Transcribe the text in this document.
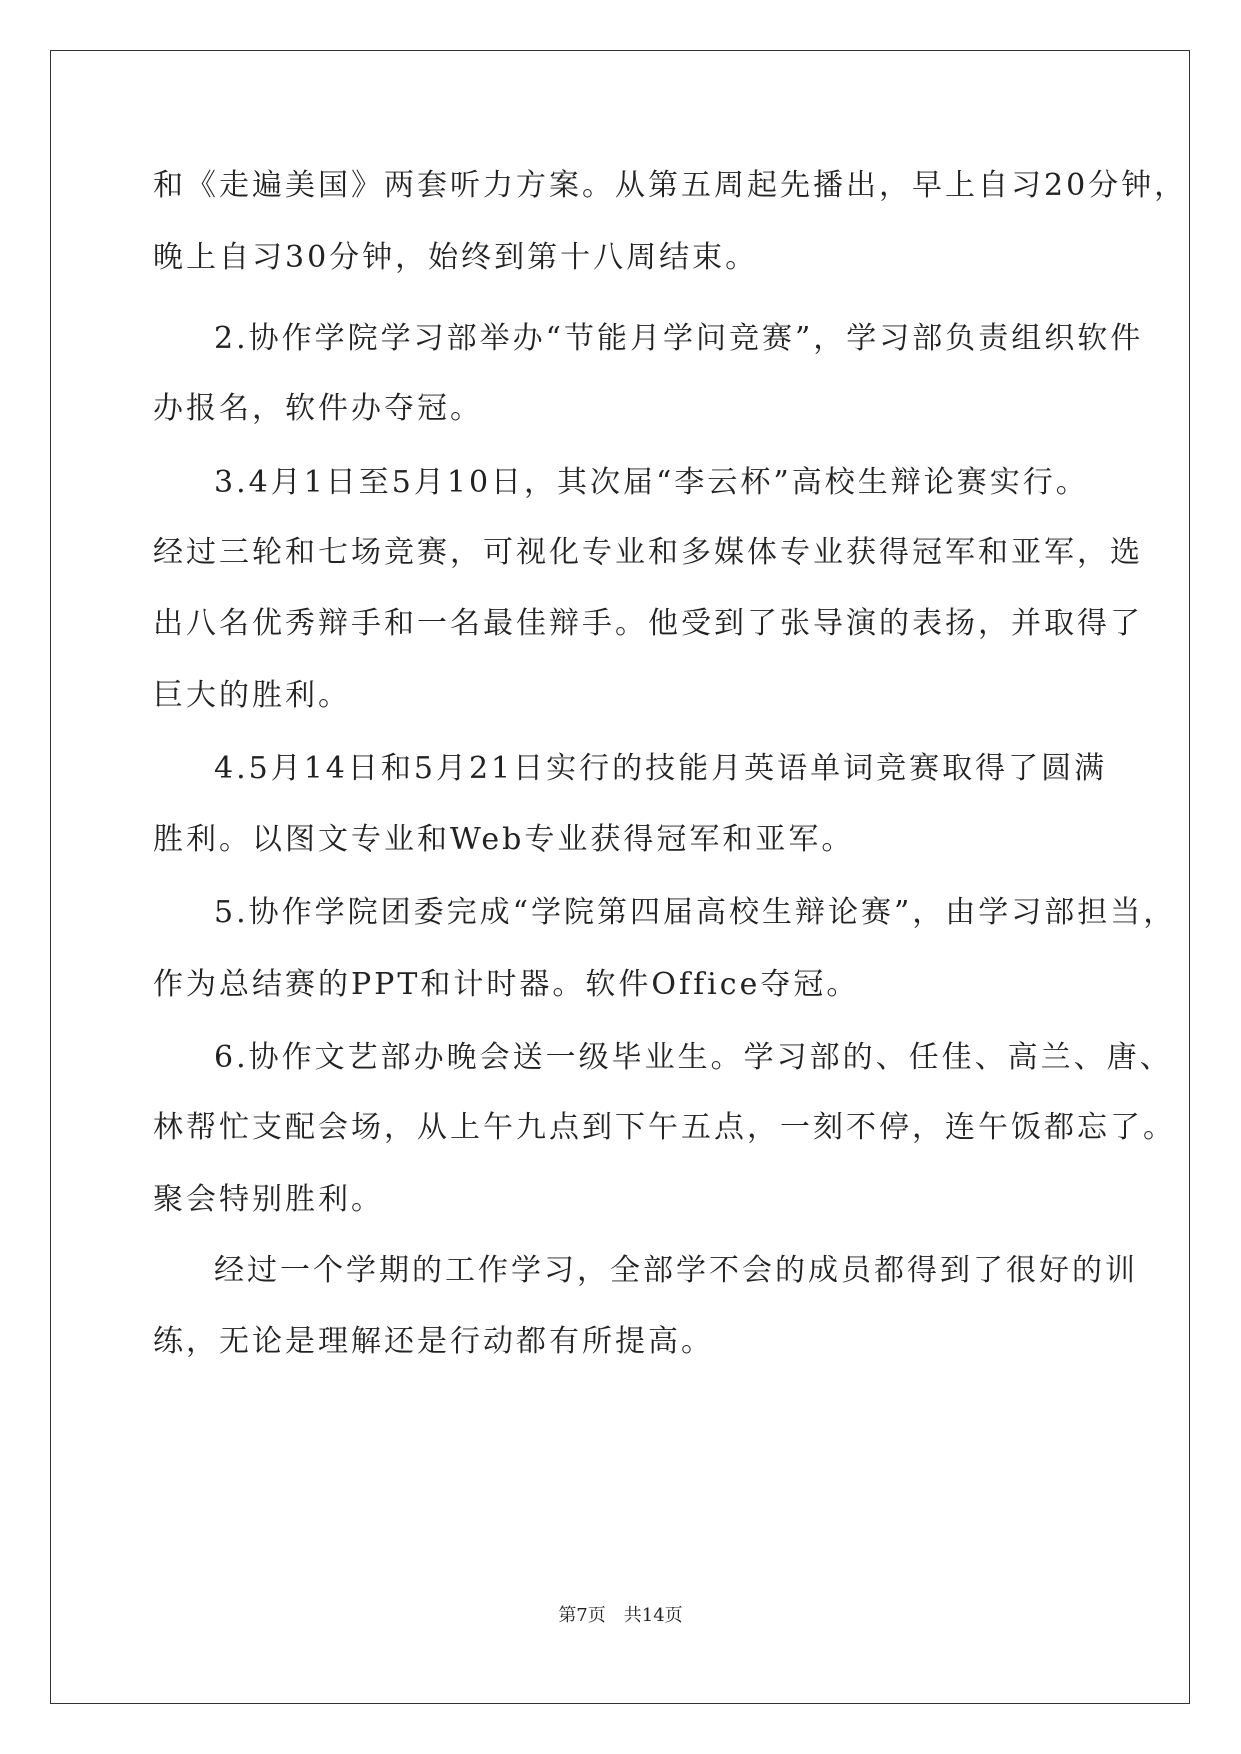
和《走遍美国》两套听力方案。从第五周起先播出，早上自习20分钟，
晚上自习30分钟，始终到第十八周结束。
2.协作学院学习部举办“节能月学问竞赛”，学习部负责组织软件
办报名，软件办夺冠。
3.4月1日至5月10日，其次届“李云杯”高校生辩论赛实行。
经过三轮和七场竞赛，可视化专业和多媒体专业获得冠军和亚军，选
出八名优秀辩手和一名最佳辩手。他受到了张导演的表扬，并取得了
巨大的胜利。
4.5月14日和5月21日实行的技能月英语单词竞赛取得了圆满
胜利。以图文专业和Web专业获得冠军和亚军。
5.协作学院团委完成“学院第四届高校生辩论赛”，由学习部担当，
作为总结赛的PPT和计时器。软件Office夺冠。
6.协作文艺部办晚会送一级毕业生。学习部的、任佳、高兰、唐、
林帮忙支配会场，从上午九点到下午五点，一刻不停，连午饭都忘了。
聚会特别胜利。
经过一个学期的工作学习，全部学不会的成员都得到了很好的训
练，无论是理解还是行动都有所提高。
第7页 共14页
